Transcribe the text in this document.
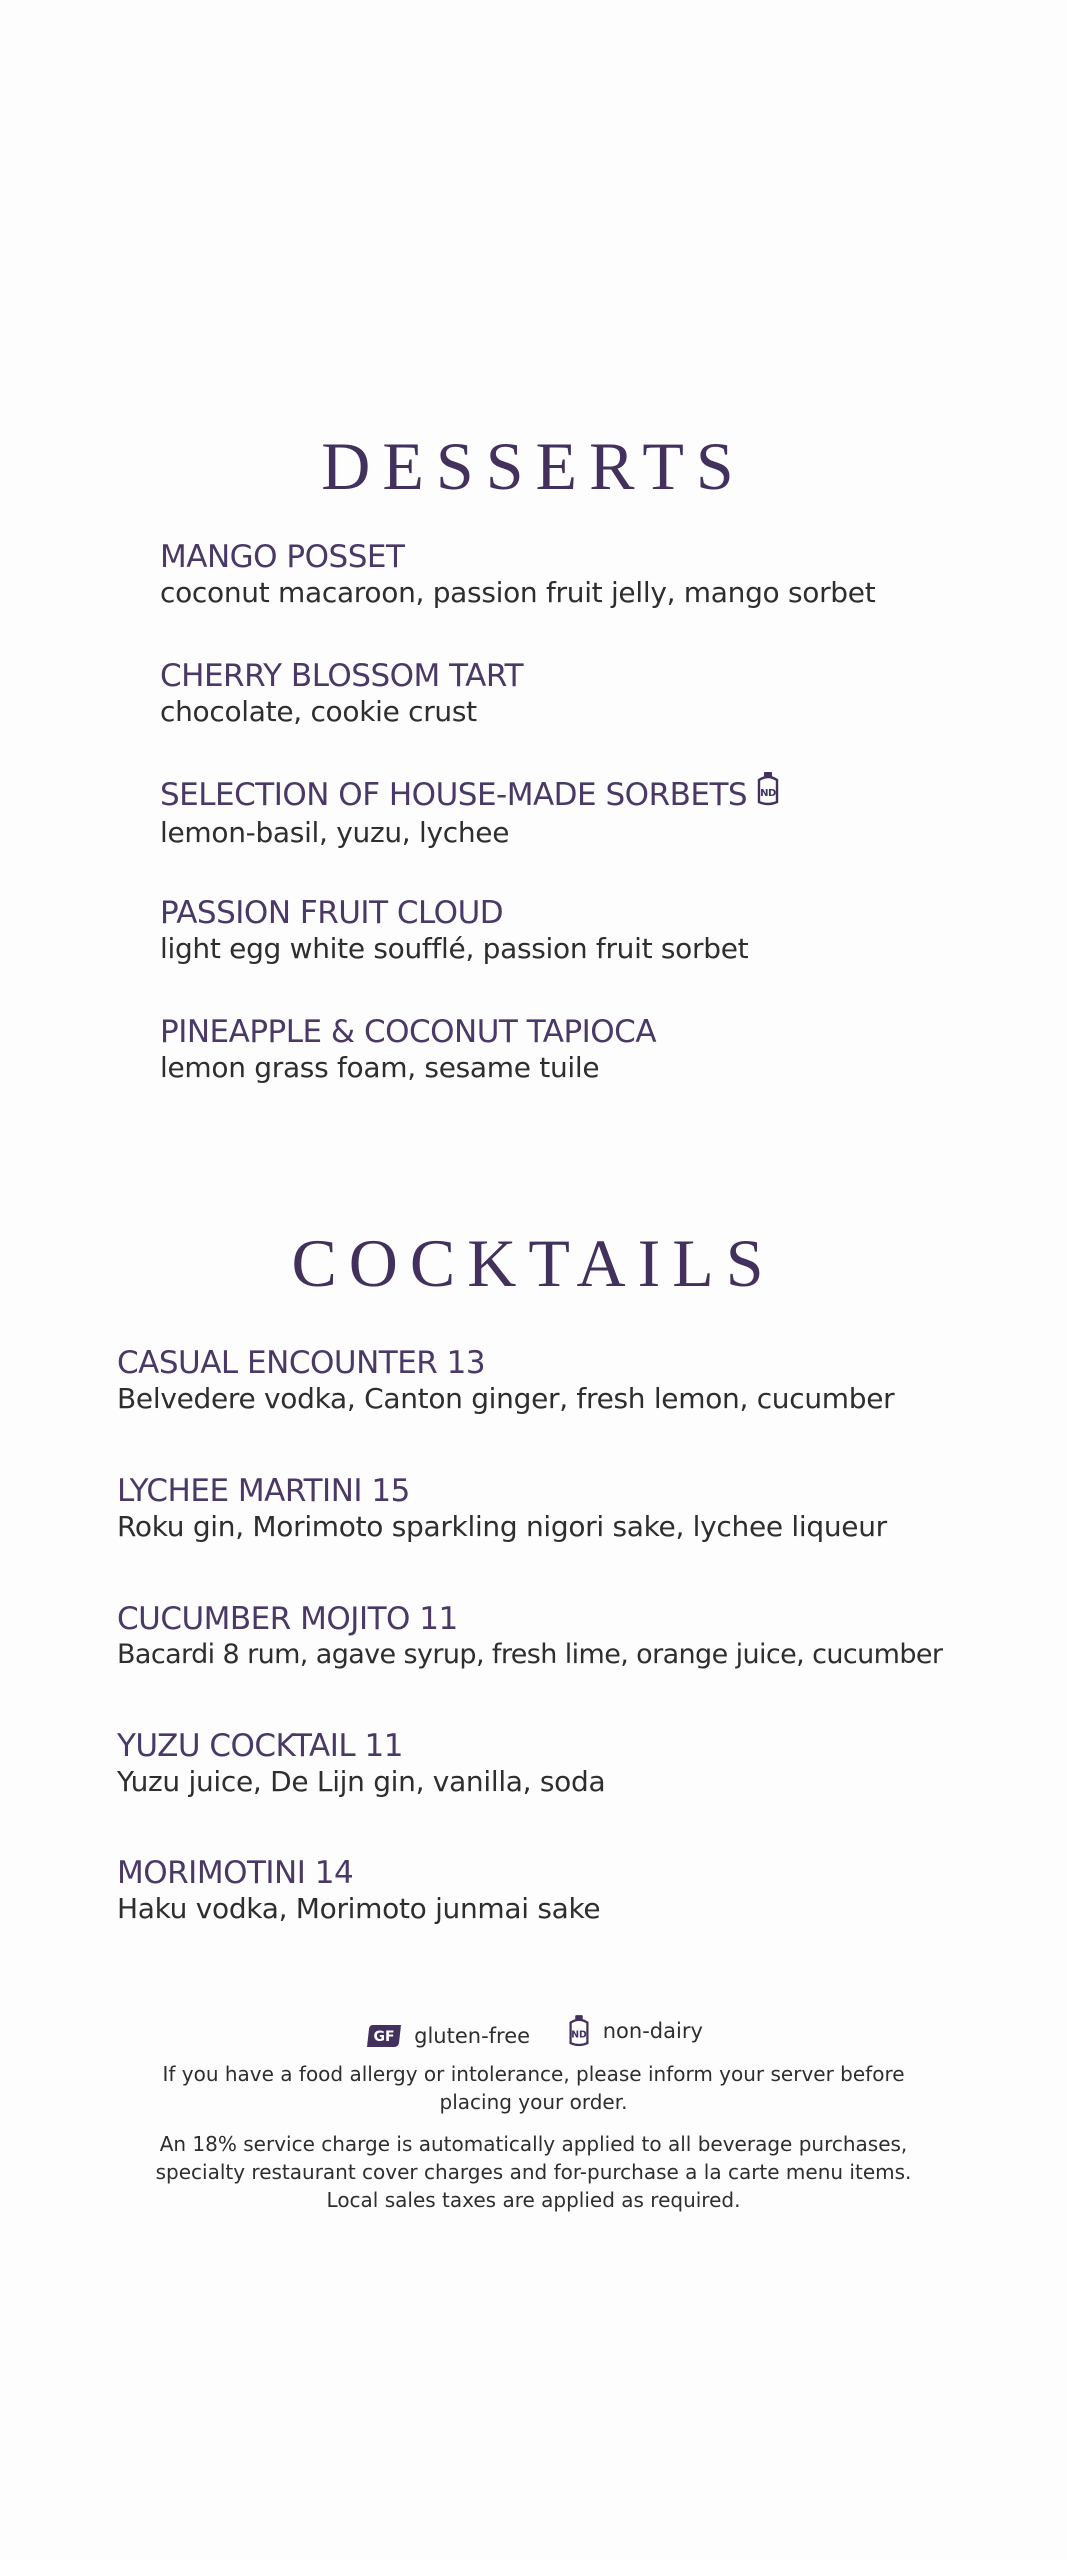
DESSERTS
MANGO POSSET
coconut macaroon, passion fruit jelly, mango sorbet
CHERRY BLOSSOM TART
chocolate, cookie crust
SELECTION OF HOUSE-MADE SORBETS ND
lemon-basil, yuzu, lychee
PASSION FRUIT CLOUD
light egg white soufflé, passion fruit sorbet
PINEAPPLE & COCONUT TAPIOCA
lemon grass foam, sesame tuile
COCKTAILS
CASUAL ENCOUNTER 13
Belvedere vodka, Canton ginger, fresh lemon, cucumber
LYCHEE MARTINI 15
Roku gin, Morimoto sparkling nigori sake, lychee liqueur
CUCUMBER MOJITO 11
Bacardi 8 rum, agave syrup, fresh lime, orange juice, cucumber
YUZU COCKTAIL 11
Yuzu juice, De Lijn gin, vanilla, soda
MORIMOTINI 14
Haku vodka, Morimoto junmai sake
GF gluten-free
	ND non-dairy
If you have a food allergy or intolerance, please inform your server before placing your order.
An 18% service charge is automatically applied to all beverage purchases, specialty restaurant cover charges and for-purchase a la carte menu items. Local sales taxes are applied as required.
